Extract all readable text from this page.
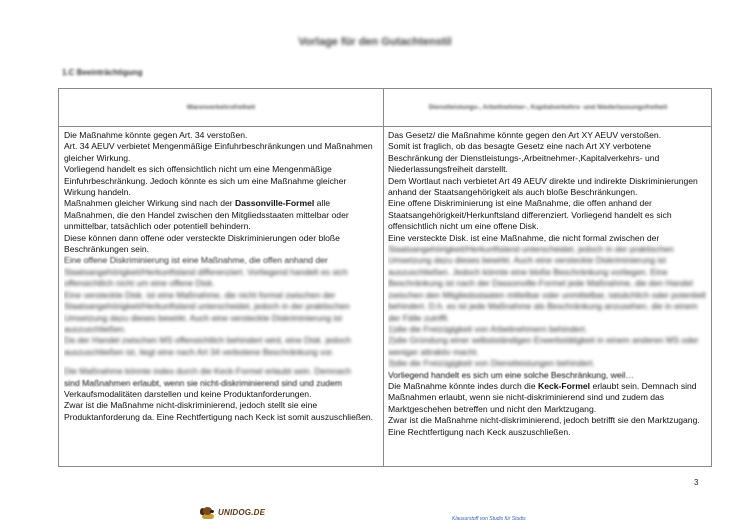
Vorlage für den Gutachtenstil
1.C Beeinträchtigung
Warenverkehrsfreiheit	Dienstleistungs-, Arbeitnehmer-, Kapitalverkehrs- und Niederlassungsfreiheit

Die Maßnahme könnte gegen Art. 34 verstoßen.

Art. 34 AEUV verbietet Mengenmäßige Einfuhrbeschränkungen und Maßnahmen gleicher Wirkung.

Vorliegend handelt es sich offensichtlich nicht um eine Mengenmäßige Einfuhrbeschränkung. Jedoch könnte es sich um eine Maßnahme gleicher Wirkung handeln.

Maßnahmen gleicher Wirkung sind nach der Dassonville-Formel alle Maßnahmen, die den Handel zwischen den Mitgliedsstaaten mittelbar oder unmittelbar, tatsächlich oder potentiell behindern.

Diese können dann offene oder versteckte Diskriminierungen oder bloße Beschränkungen sein.

Eine offene Diskriminierung ist eine Maßnahme, die offen anhand der

Staatsangehörigkeit/Herkunftsland differenziert. Vorliegend handelt es sich offensichtlich nicht um eine offene Disk.

Eine versteckte Disk. ist eine Maßnahme, die nicht formal zwischen der Staatsangehörigkeit/Herkunftsland unterscheidet, jedoch in der praktischen Umsetzung dazu dieses bewirkt. Auch eine versteckte Diskriminierung ist auszuschließen.

Da der Handel zwischen MS offensichtlich behindert wird, eine Disk. jedoch auszuschließen ist, liegt eine nach Art 34 verbotene Beschränkung vor.

Die Maßnahme könnte indes durch die Keck-Formel erlaubt sein. Demnach

sind Maßnahmen erlaubt, wenn sie nicht-diskriminierend sind und zudem

Verkaufsmodalitäten darstellen und keine Produktanforderungen.

Zwar ist die Maßnahme nicht-diskriminierend, jedoch stellt sie eine Produktanforderung da. Eine Rechtfertigung nach Keck ist somit auszuschließen.

Das Gesetz/ die Maßnahme könnte gegen den Art XY AEUV verstoßen.

Somit ist fraglich, ob das besagte Gesetz eine nach Art XY verbotene Beschränkung der Dienstleistungs-,Arbeitnehmer-,Kapitalverkehrs- und Niederlassungsfreiheit darstellt.

Dem Wortlaut nach verbietet Art 49 AEUV direkte und indirekte Diskriminierungen anhand der Staatsangehörigkeit als auch bloße Beschränkungen.

Eine offene Diskriminierung ist eine Maßnahme, die offen anhand der Staatsangehörigkeit/Herkunftsland differenziert. Vorliegend handelt es sich offensichtlich nicht um eine offene Disk.

Eine versteckte Disk. ist eine Maßnahme, die nicht formal zwischen der

Staatsangehörigkeit/Herkunftsland unterscheidet, jedoch in der praktischen Umsetzung dazu dieses bewirkt. Auch eine versteckte Diskriminierung ist auszuschließen. Jedoch könnte eine bloße Beschränkung vorliegen. Eine

Beschränkung ist nach der Dassonville-Formel jede Maßnahme, die den Handel zwischen den Mitgliedsstaaten mittelbar oder unmittelbar, tatsächlich oder potentiell behindert. D.h. es ist jede Maßnahme als Beschränkung anzusehen, die in einem der Fälle zutrifft.

1)die die Freizügigkeit von Arbeitnehmern behindert.

2)die Gründung einer selbstständigen Erwerbstätigkeit in einem anderen MS oder weniger attraktiv macht.

3)die die Freizügigkeit von Dienstleistungen behindert.

Vorliegend handelt es sich um eine solche Beschränkung, weil…

Die Maßnahme könnte indes durch die Keck-Formel erlaubt sein. Demnach sind Maßnahmen erlaubt, wenn sie nicht-diskriminierend sind und zudem das Marktgeschehen betreffen und nicht den Marktzugang.

Zwar ist die Maßnahme nicht-diskriminierend, jedoch betrifft sie den Marktzugang. Eine Rechtfertigung nach Keck auszuschließen.

3
UNIDOG.DE
Klausurstoff von Studis für Studis
